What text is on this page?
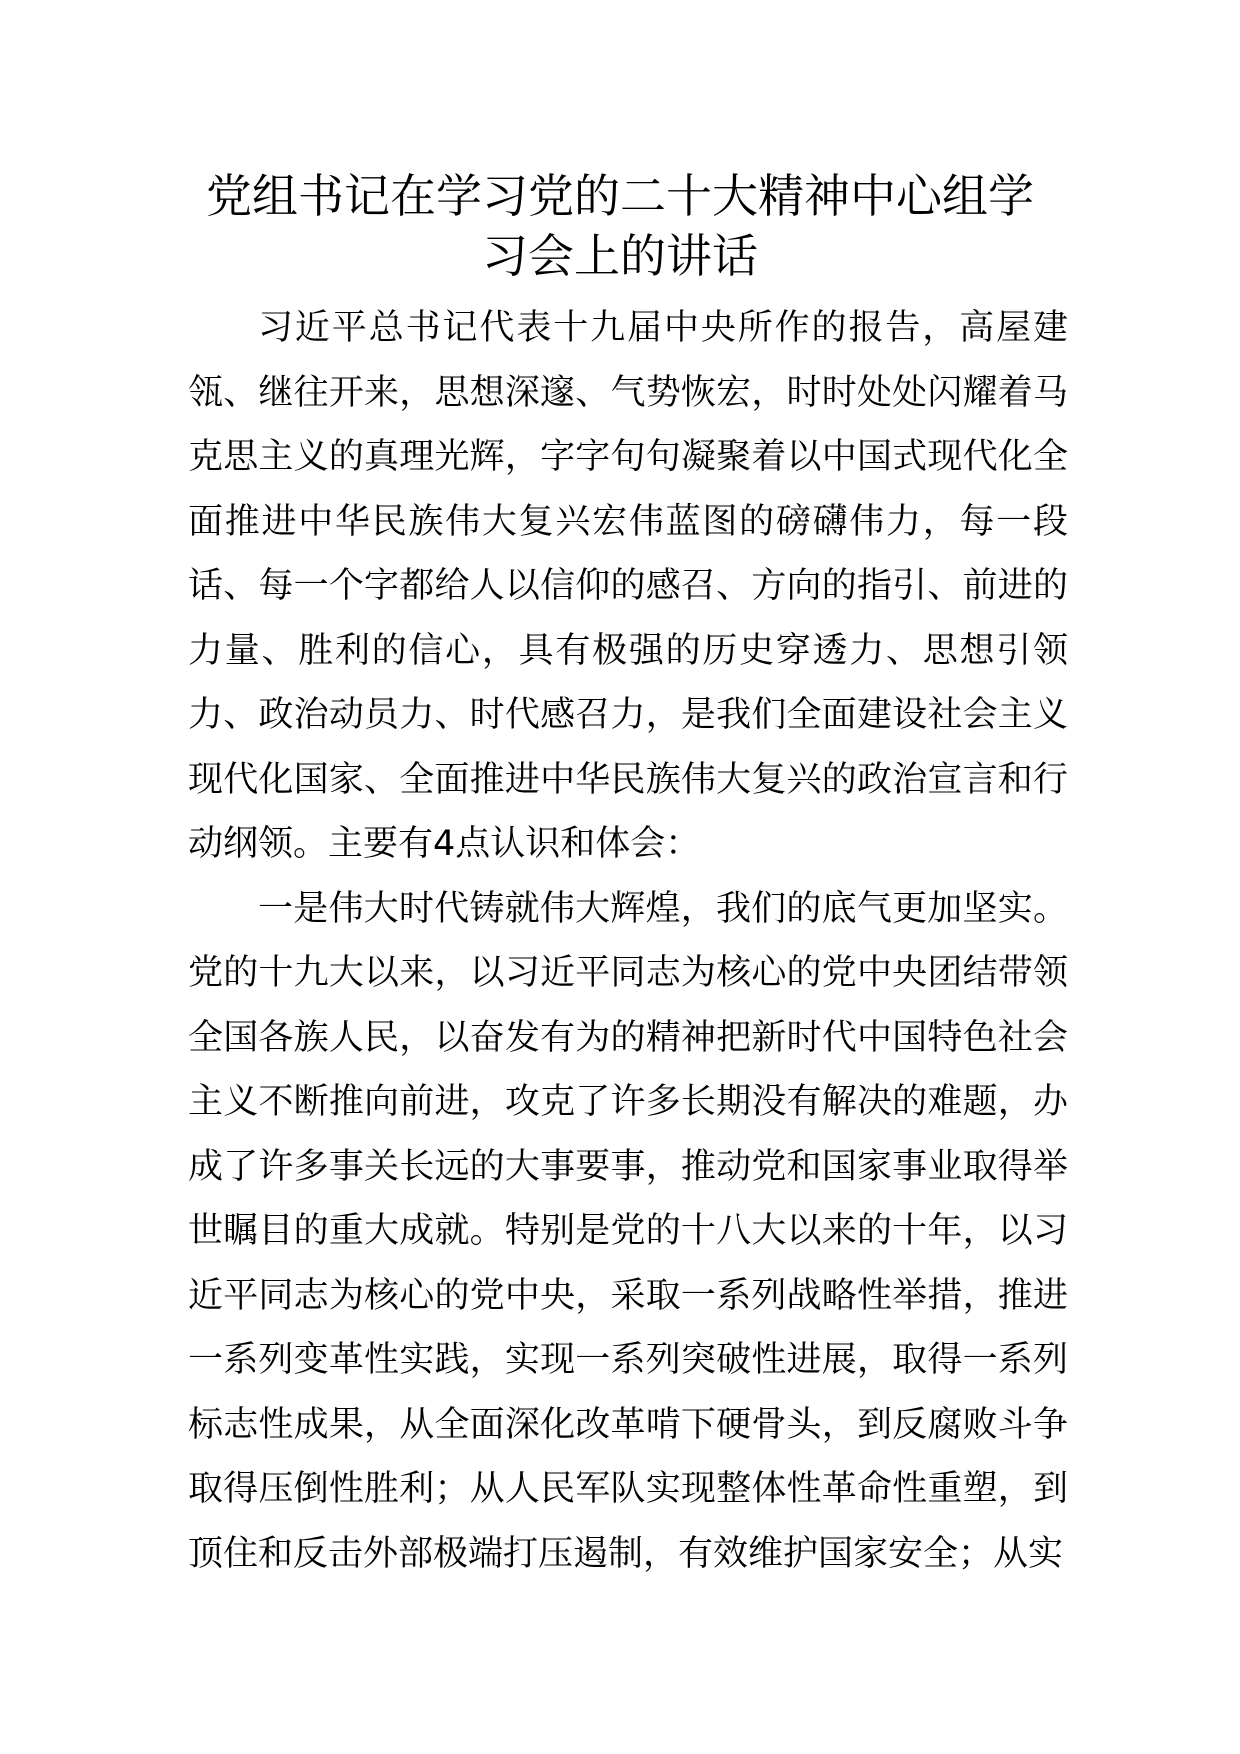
党组书记在学习党的二十大精神中心组学
习会上的讲话

习近平总书记代表十九届中央所作的报告，高屋建瓴、继往开来，思想深邃、气势恢宏，时时处处闪耀着马克思主义的真理光辉，字字句句凝聚着以中国式现代化全面推进中华民族伟大复兴宏伟蓝图的磅礴伟力，每一段话、每一个字都给人以信仰的感召、方向的指引、前进的力量、胜利的信心，具有极强的历史穿透力、思想引领力、政治动员力、时代感召力，是我们全面建设社会主义现代化国家、全面推进中华民族伟大复兴的政治宣言和行动纲领。主要有4点认识和体会：

一是伟大时代铸就伟大辉煌，我们的底气更加坚实。党的十九大以来，以习近平同志为核心的党中央团结带领全国各族人民，以奋发有为的精神把新时代中国特色社会主义不断推向前进，攻克了许多长期没有解决的难题，办成了许多事关长远的大事要事，推动党和国家事业取得举世瞩目的重大成就。特别是党的十八大以来的十年，以习近平同志为核心的党中央，采取一系列战略性举措，推进一系列变革性实践，实现一系列突破性进展，取得一系列标志性成果，从全面深化改革啃下硬骨头，到反腐败斗争取得压倒性胜利；从人民军队实现整体性革命性重塑，到顶住和反击外部极端打压遏制，有效维护国家安全；从实
